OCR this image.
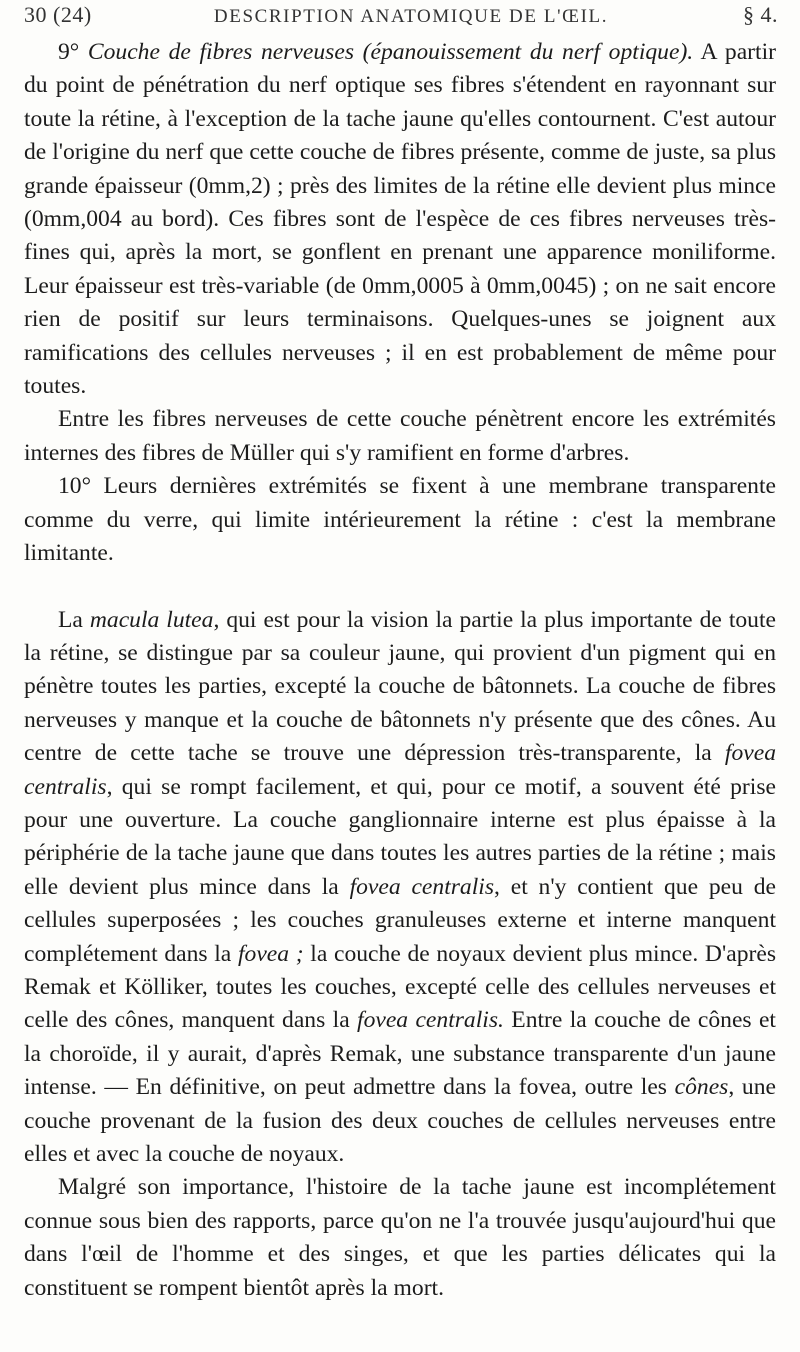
30 (24)	DESCRIPTION ANATOMIQUE DE L'ŒIL.	§ 4.

9° Couche de fibres nerveuses (épanouissement du nerf optique). A partir du point de pénétration du nerf optique ses fibres s'étendent en rayonnant sur toute la rétine, à l'exception de la tache jaune qu'elles contournent. C'est autour de l'origine du nerf que cette couche de fibres présente, comme de juste, sa plus grande épaisseur (0mm,2) ; près des limites de la rétine elle devient plus mince (0mm,004 au bord). Ces fibres sont de l'espèce de ces fibres nerveuses très-fines qui, après la mort, se gonflent en prenant une apparence moniliforme. Leur épaisseur est très-variable (de 0mm,0005 à 0mm,0045) ; on ne sait encore rien de positif sur leurs terminaisons. Quelques-unes se joignent aux ramifications des cellules nerveuses ; il en est probablement de même pour toutes.

Entre les fibres nerveuses de cette couche pénètrent encore les extrémités internes des fibres de Müller qui s'y ramifient en forme d'arbres.

10° Leurs dernières extrémités se fixent à une membrane transparente comme du verre, qui limite intérieurement la rétine : c'est la membrane limitante.

La macula lutea, qui est pour la vision la partie la plus importante de toute la rétine, se distingue par sa couleur jaune, qui provient d'un pigment qui en pénètre toutes les parties, excepté la couche de bâtonnets. La couche de fibres nerveuses y manque et la couche de bâtonnets n'y présente que des cônes. Au centre de cette tache se trouve une dépression très-transparente, la fovea centralis, qui se rompt facilement, et qui, pour ce motif, a souvent été prise pour une ouverture. La couche ganglionnaire interne est plus épaisse à la périphérie de la tache jaune que dans toutes les autres parties de la rétine ; mais elle devient plus mince dans la fovea centralis, et n'y contient que peu de cellules superposées ; les couches granuleuses externe et interne manquent complétement dans la fovea ; la couche de noyaux devient plus mince. D'après Remak et Kölliker, toutes les couches, excepté celle des cellules nerveuses et celle des cônes, manquent dans la fovea centralis. Entre la couche de cônes et la choroïde, il y aurait, d'après Remak, une substance transparente d'un jaune intense. — En définitive, on peut admettre dans la fovea, outre les cônes, une couche provenant de la fusion des deux couches de cellules nerveuses entre elles et avec la couche de noyaux.

Malgré son importance, l'histoire de la tache jaune est incomplétement connue sous bien des rapports, parce qu'on ne l'a trouvée jusqu'aujourd'hui que dans l'œil de l'homme et des singes, et que les parties délicates qui la constituent se rompent bientôt après la mort.
